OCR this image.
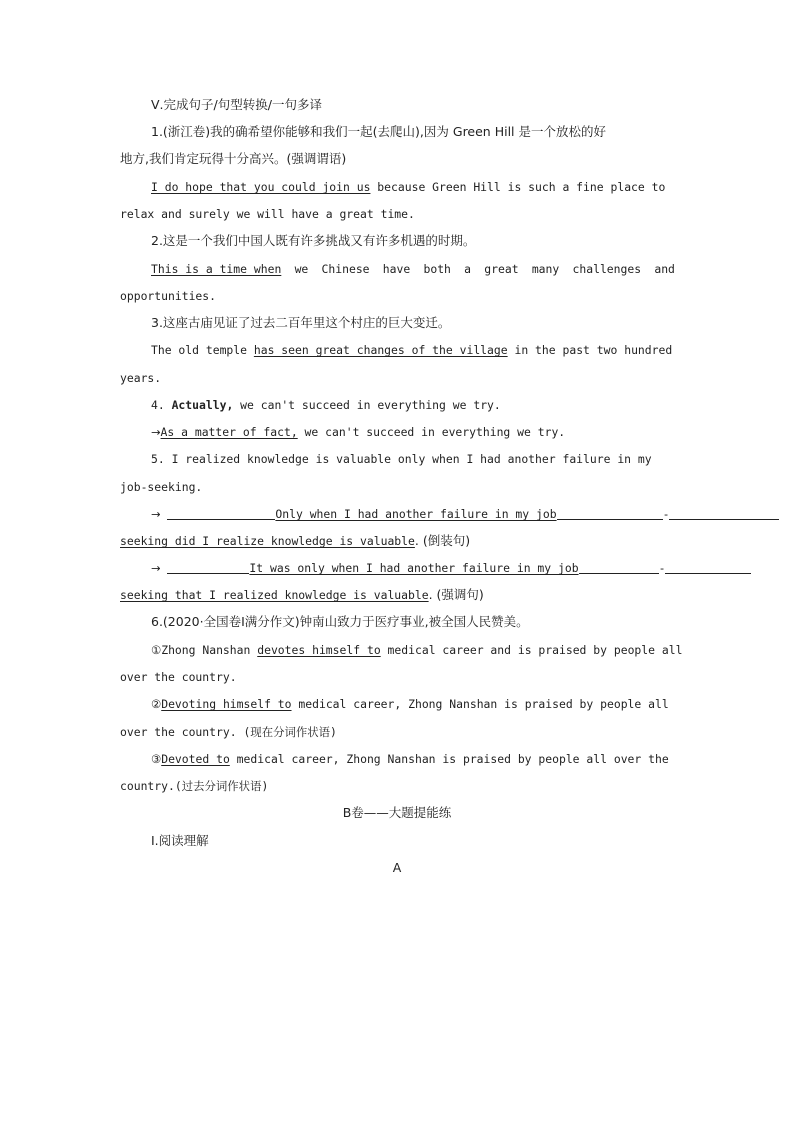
Ⅴ.完成句子/句型转换/一句多译
1.(浙江卷)我的确希望你能够和我们一起(去爬山),因为 Green Hill 是一个放松的好
地方,我们肯定玩得十分高兴。(强调谓语)
I do hope that you could join us because Green Hill is such a fine place to
relax and surely we will have a great time.
2.这是一个我们中国人既有许多挑战又有许多机遇的时期。
This is a time when we Chinese have both a great many challenges and
opportunities.
3.这座古庙见证了过去二百年里这个村庄的巨大变迁。
The old temple has seen great changes of the village in the past two hundred
years.
4. Actually, we can't succeed in everything we try.
→As a matter of fact, we can't succeed in everything we try.
5. I realized knowledge is valuable only when I had another failure in my
job-seeking.
→	Only when I had another failure in my job	-
seeking did I realize knowledge is valuable. (倒装句)
→	It was only when I had another failure in my job	-
seeking that I realized knowledge is valuable. (强调句)
6.(2020·全国卷Ⅰ满分作文)钟南山致力于医疗事业,被全国人民赞美。
①Zhong Nanshan devotes himself to medical career and is praised by people all
over the country.
②Devoting himself to medical career, Zhong Nanshan is praised by people all
over the country. (现在分词作状语)
③Devoted to medical career, Zhong Nanshan is praised by people all over the
country.(过去分词作状语)
B卷——大题提能练
Ⅰ.阅读理解
A
